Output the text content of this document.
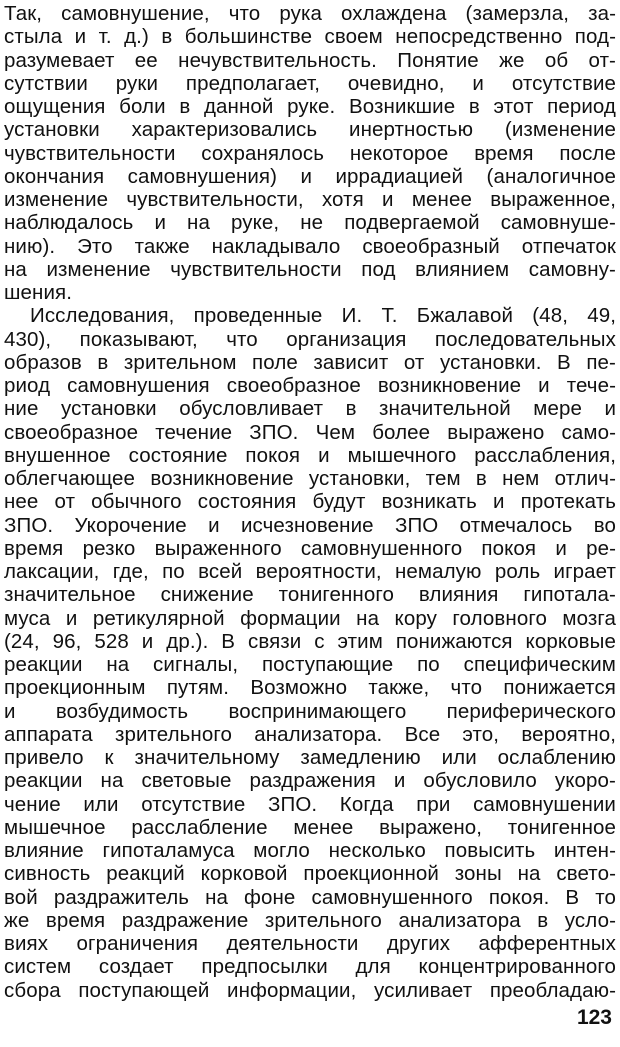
Так, самовнушение, что рука охлаждена (замерзла, за-
стыла и т. д.) в большинстве своем непосредственно под-
разумевает ее нечувствительность. Понятие же об от-
сутствии руки предполагает, очевидно, и отсутствие
ощущения боли в данной руке. Возникшие в этот период
установки характеризовались инертностью (изменение
чувствительности сохранялось некоторое время после
окончания самовнушения) и иррадиацией (аналогичное
изменение чувствительности, хотя и менее выраженное,
наблюдалось и на руке, не подвергаемой самовнуше-
нию). Это также накладывало своеобразный отпечаток
на изменение чувствительности под влиянием самовну-
шения.
Исследования, проведенные И. Т. Бжалавой (48, 49,
430), показывают, что организация последовательных
образов в зрительном поле зависит от установки. В пе-
риод самовнушения своеобразное возникновение и тече-
ние установки обусловливает в значительной мере и
своеобразное течение ЗПО. Чем более выражено само-
внушенное состояние покоя и мышечного расслабления,
облегчающее возникновение установки, тем в нем отлич-
нее от обычного состояния будут возникать и протекать
ЗПО. Укорочение и исчезновение ЗПО отмечалось во
время резко выраженного самовнушенного покоя и ре-
лаксации, где, по всей вероятности, немалую роль играет
значительное снижение тонигенного влияния гипотала-
муса и ретикулярной формации на кору головного мозга
(24, 96, 528 и др.). В связи с этим понижаются корковые
реакции на сигналы, поступающие по специфическим
проекционным путям. Возможно также, что понижается
и возбудимость воспринимающего периферического
аппарата зрительного анализатора. Все это, вероятно,
привело к значительному замедлению или ослаблению
реакции на световые раздражения и обусловило укоро-
чение или отсутствие ЗПО. Когда при самовнушении
мышечное расслабление менее выражено, тонигенное
влияние гипоталамуса могло несколько повысить интен-
сивность реакций корковой проекционной зоны на свето-
вой раздражитель на фоне самовнушенного покоя. В то
же время раздражение зрительного анализатора в усло-
виях ограничения деятельности других афферентных
систем создает предпосылки для концентрированного
сбора поступающей информации, усиливает преобладаю-
123
